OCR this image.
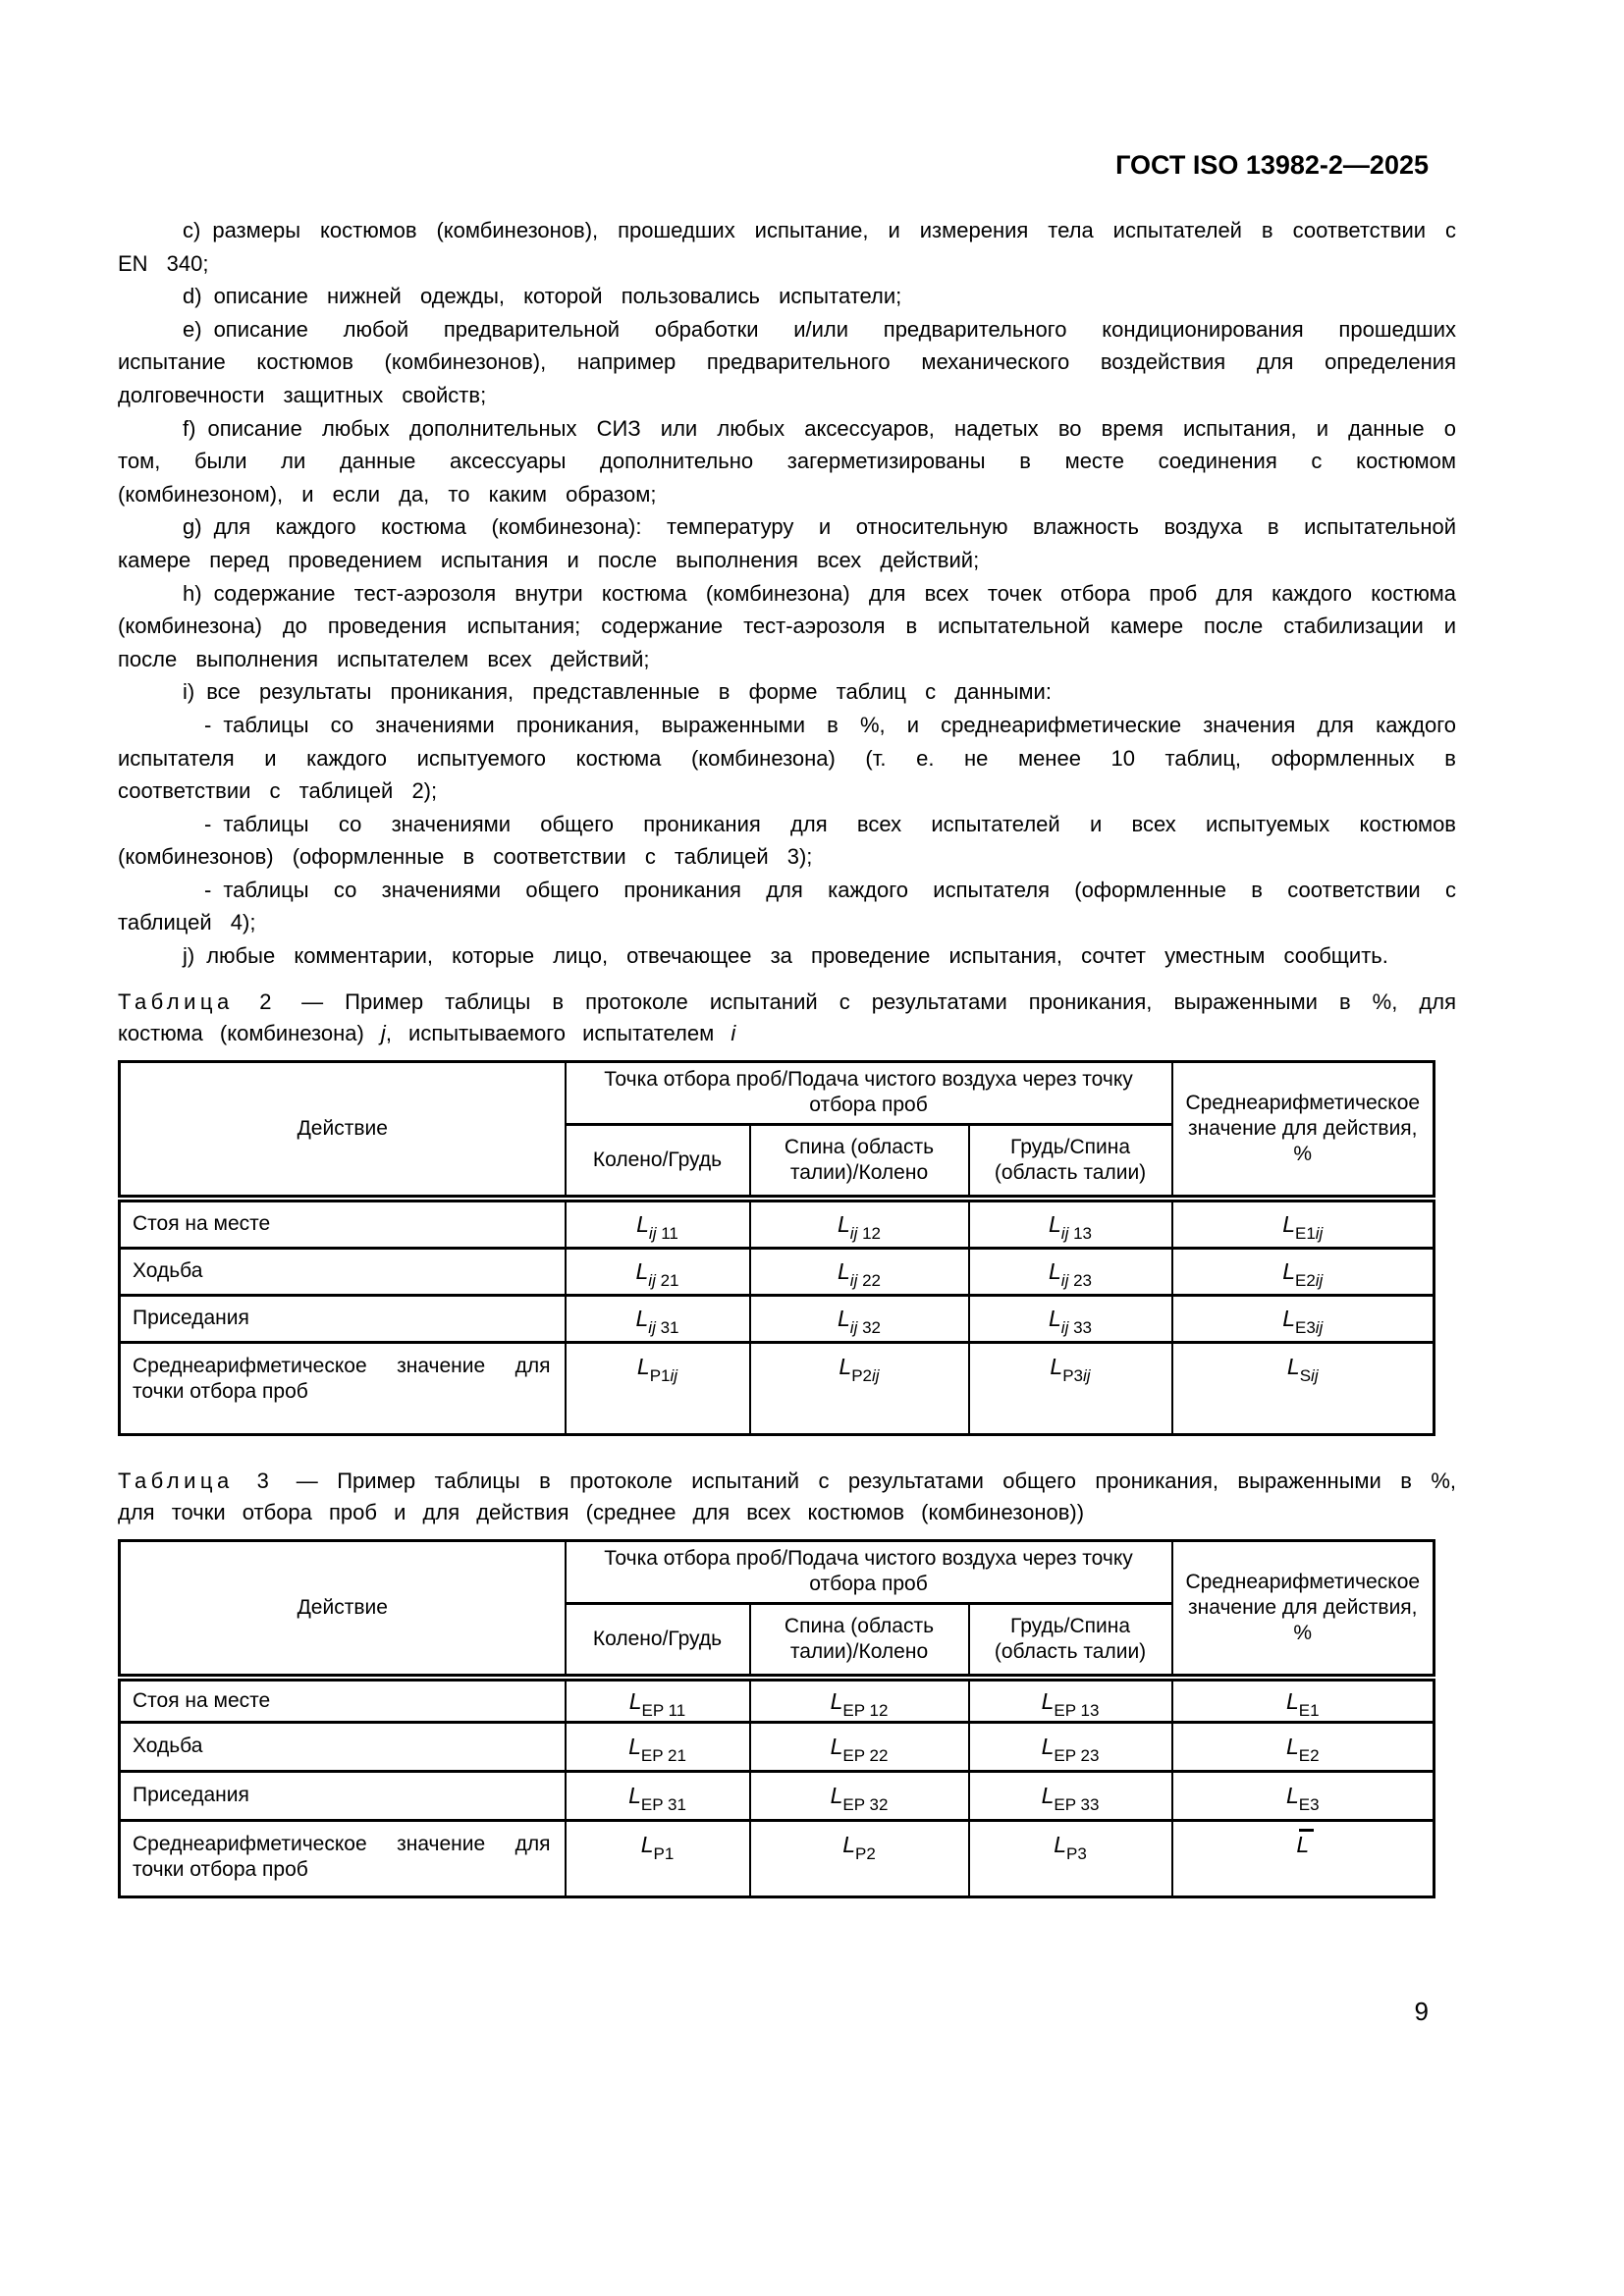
ГОСТ ISO 13982-2—2025

c) размеры костюмов (комбинезонов), прошедших испытание, и измерения тела испытателей в соответствии с EN 340;

d) описание нижней одежды, которой пользовались испытатели;

e) описание любой предварительной обработки и/или предварительного кондиционирования прошедших испытание костюмов (комбинезонов), например предварительного механического воздействия для определения долговечности защитных свойств;

f) описание любых дополнительных СИЗ или любых аксессуаров, надетых во время испытания, и данные о том, были ли данные аксессуары дополнительно загерметизированы в месте соединения с костюмом (комбинезоном), и если да, то каким образом;

g) для каждого костюма (комбинезона): температуру и относительную влажность воздуха в испытательной камере перед проведением испытания и после выполнения всех действий;

h) содержание тест-аэрозоля внутри костюма (комбинезона) для всех точек отбора проб для каждого костюма (комбинезона) до проведения испытания; содержание тест-аэрозоля в испытательной камере после стабилизации и после выполнения испытателем всех действий;

i) все результаты проникания, представленные в форме таблиц с данными:

- таблицы со значениями проникания, выраженными в %, и среднеарифметические значения для каждого испытателя и каждого испытуемого костюма (комбинезона) (т. е. не менее 10 таблиц, оформленных в соответствии с таблицей 2);

- таблицы со значениями общего проникания для всех испытателей и всех испытуемых костюмов (комбинезонов) (оформленные в соответствии с таблицей 3);

- таблицы со значениями общего проникания для каждого испытателя (оформленные в соответствии с таблицей 4);

j) любые комментарии, которые лицо, отвечающее за проведение испытания, сочтет уместным сообщить.

Таблица 2 — Пример таблицы в протоколе испытаний с результатами проникания, выраженными в %, для костюма (комбинезона) j, испытываемого испытателем i

Действие	Точка отбора проб/Подача чистого воздуха через точку отбора проб			Среднеарифметическое значение для действия, %
	Колено/Грудь	Спина (область талии)/Колено	Грудь/Спина (область талии)	
Стоя на месте	$L_{ij 11}$	$L_{ij 12}$	$L_{ij 13}$	$L_{E1ij}$
Ходьба	$L_{ij 21}$	$L_{ij 22}$	$L_{ij 23}$	$L_{E2ij}$
Приседания	$L_{ij 31}$	$L_{ij 32}$	$L_{ij 33}$	$L_{E3ij}$
Среднеарифметическое значение для точки отбора проб	$L_{P1ij}$	$L_{P2ij}$	$L_{P3ij}$	$L_{Sij}$

Таблица 3 — Пример таблицы в протоколе испытаний с результатами общего проникания, выраженными в %, для точки отбора проб и для действия (среднее для всех костюмов (комбинезонов))

Действие	Точка отбора проб/Подача чистого воздуха через точку отбора проб			Среднеарифметическое значение для действия, %
	Колено/Грудь	Спина (область талии)/Колено	Грудь/Спина (область талии)	
Стоя на месте	$L_{EP 11}$	$L_{EP 12}$	$L_{EP 13}$	$L_{E1}$
Ходьба	$L_{EP 21}$	$L_{EP 22}$	$L_{EP 23}$	$L_{E2}$
Приседания	$L_{EP 31}$	$L_{EP 32}$	$L_{EP 33}$	$L_{E3}$
Среднеарифметическое значение для точки отбора проб	$L_{P1}$	$L_{P2}$	$L_{P3}$	L
9
